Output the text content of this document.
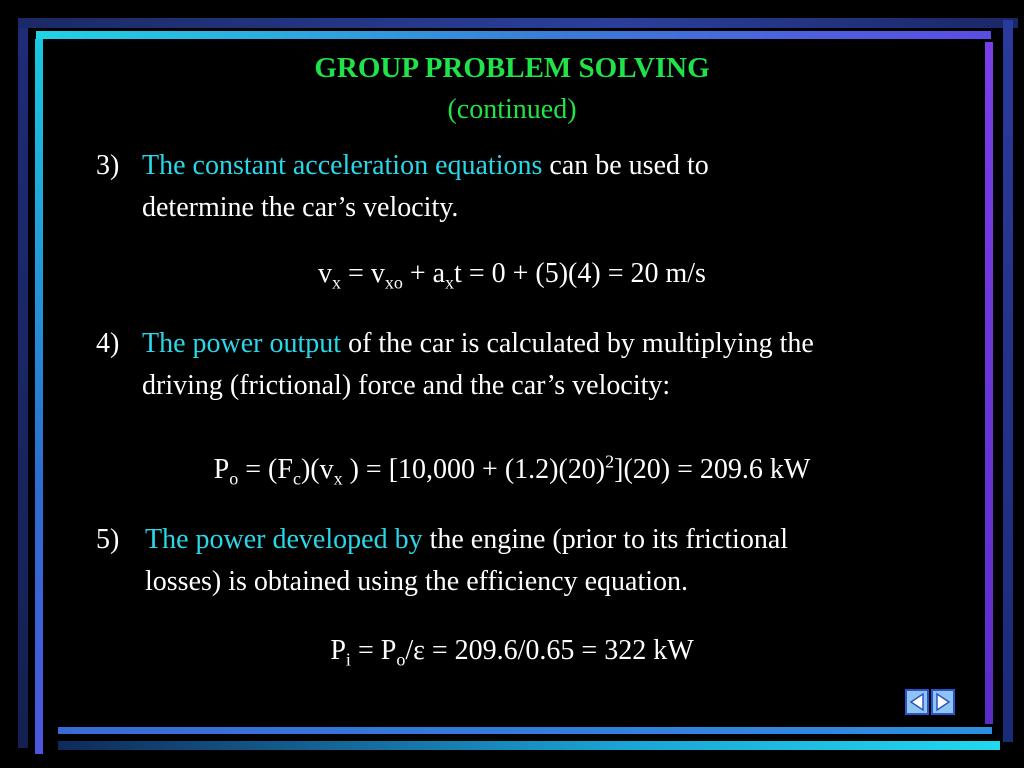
GROUP PROBLEM SOLVING
(continued)
3) The constant acceleration equations can be used to
determine the car’s velocity.
$v_x = v_{xo} + a_xt = 0 + (5)(4) = 20$ m/s
4) The power output of the car is calculated by multiplying the
driving (frictional) force and the car’s velocity:
$P_o = (F_c)(v_x$ ) = $[10,000 + (1.2)(20)^2](20) = 209.6$ kW
5) The power developed by the engine (prior to its frictional
losses) is obtained using the efficiency equation.
$P_i = P_o/\varepsilon = 209.6/0.65 = 322$ kW
